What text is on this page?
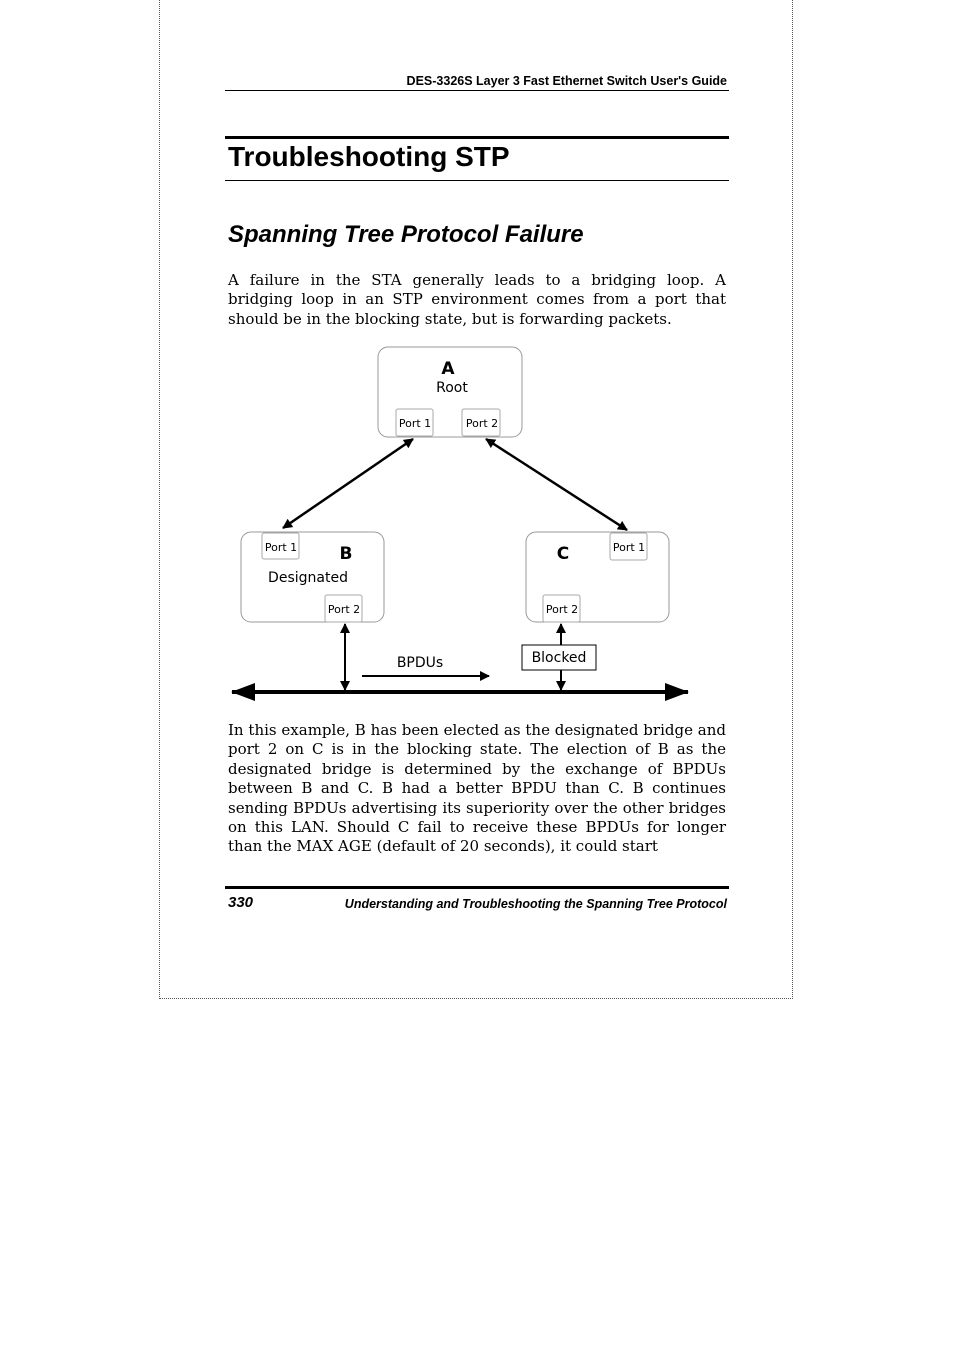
DES-3326S Layer 3 Fast Ethernet Switch User's Guide
Troubleshooting STP
Spanning Tree Protocol Failure

A failure in the STA generally leads to a bridging loop. A bridging loop in an STP environment comes from a port that should be in the blocking state, but is forwarding packets.

A
Root
Port 1	Port 2
Port 1 B
Designated
Port 2
C	Port 1
Port 2
BPDUs	Blocked

In this example, B has been elected as the designated bridge and port 2 on C is in the blocking state. The election of B as the designated bridge is determined by the exchange of BPDUs between B and C. B had a better BPDU than C. B continues sending BPDUs advertising its superiority over the other bridges on this LAN. Should C fail to receive these BPDUs for longer than the MAX AGE (default of 20 seconds), it could start

330	Understanding and Troubleshooting the Spanning Tree Protocol
